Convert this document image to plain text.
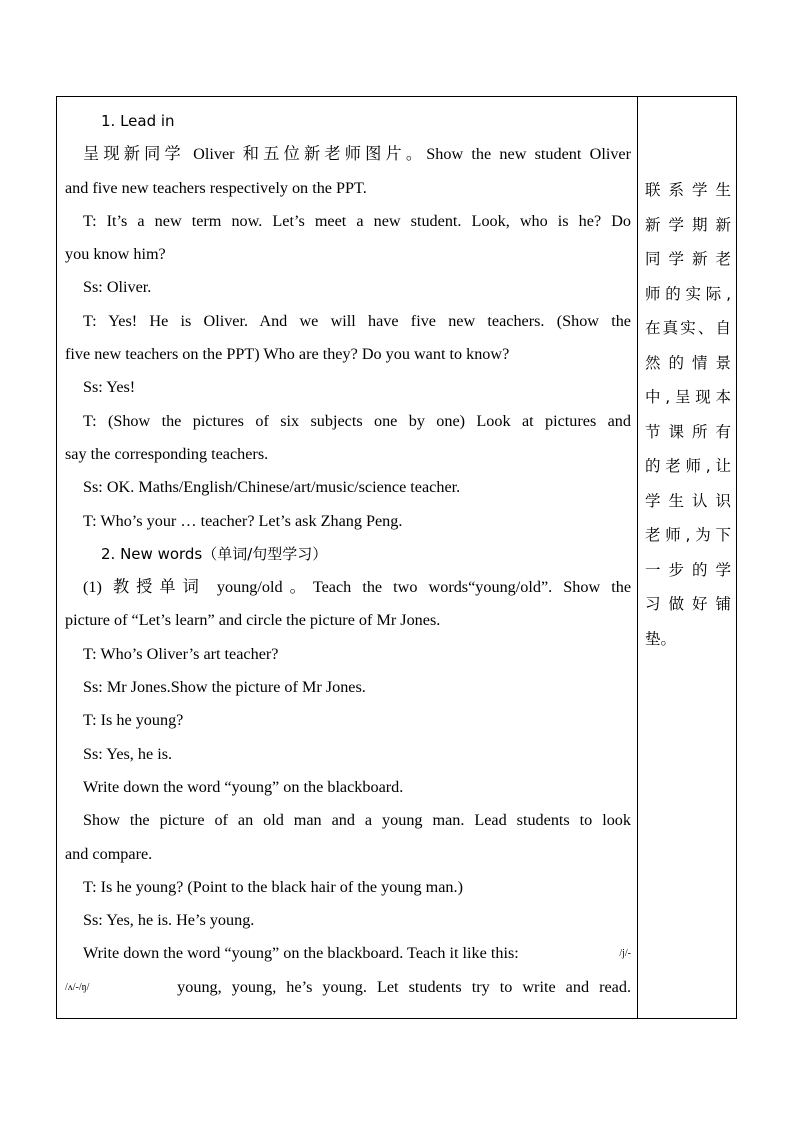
1. Lead in
呈现新同学 Oliver 和五位新老师图片。Show the new student Oliver
and five new teachers respectively on the PPT.
T: It’s a new term now. Let’s meet a new student. Look, who is he? Do
you know him?
Ss: Oliver.
T: Yes! He is Oliver. And we will have five new teachers. (Show the
five new teachers on the PPT) Who are they? Do you want to know?
Ss: Yes!
T: (Show the pictures of six subjects one by one) Look at pictures and
say the corresponding teachers.
Ss: OK. Maths/English/Chinese/art/music/science teacher.
T: Who’s your … teacher? Let’s ask Zhang Peng.
2. New words（单词/句型学习）
(1) 教授单词 young/old。Teach the two words“young/old”. Show the
picture of “Let’s learn” and circle the picture of Mr Jones.
T: Who’s Oliver’s art teacher?
Ss: Mr Jones.Show the picture of Mr Jones.
T: Is he young?
Ss: Yes, he is.
Write down the word “young” on the blackboard.
Show the picture of an old man and a young man. Lead students to look
and compare.
T: Is he young? (Point to the black hair of the young man.)
Ss: Yes, he is. He’s young.
Write down the word “young” on the blackboard. Teach it like this:	/j/-
/ʌ/-/ŋ/	young, young, he’s young. Let students try to write and read.
联系学生
新学期新
同学新老
师的实际,
在真实、自
然的情景
中,呈现本
节课所有
的老师,让
学生认识
老师,为下
一步的学
习做好铺
垫。
